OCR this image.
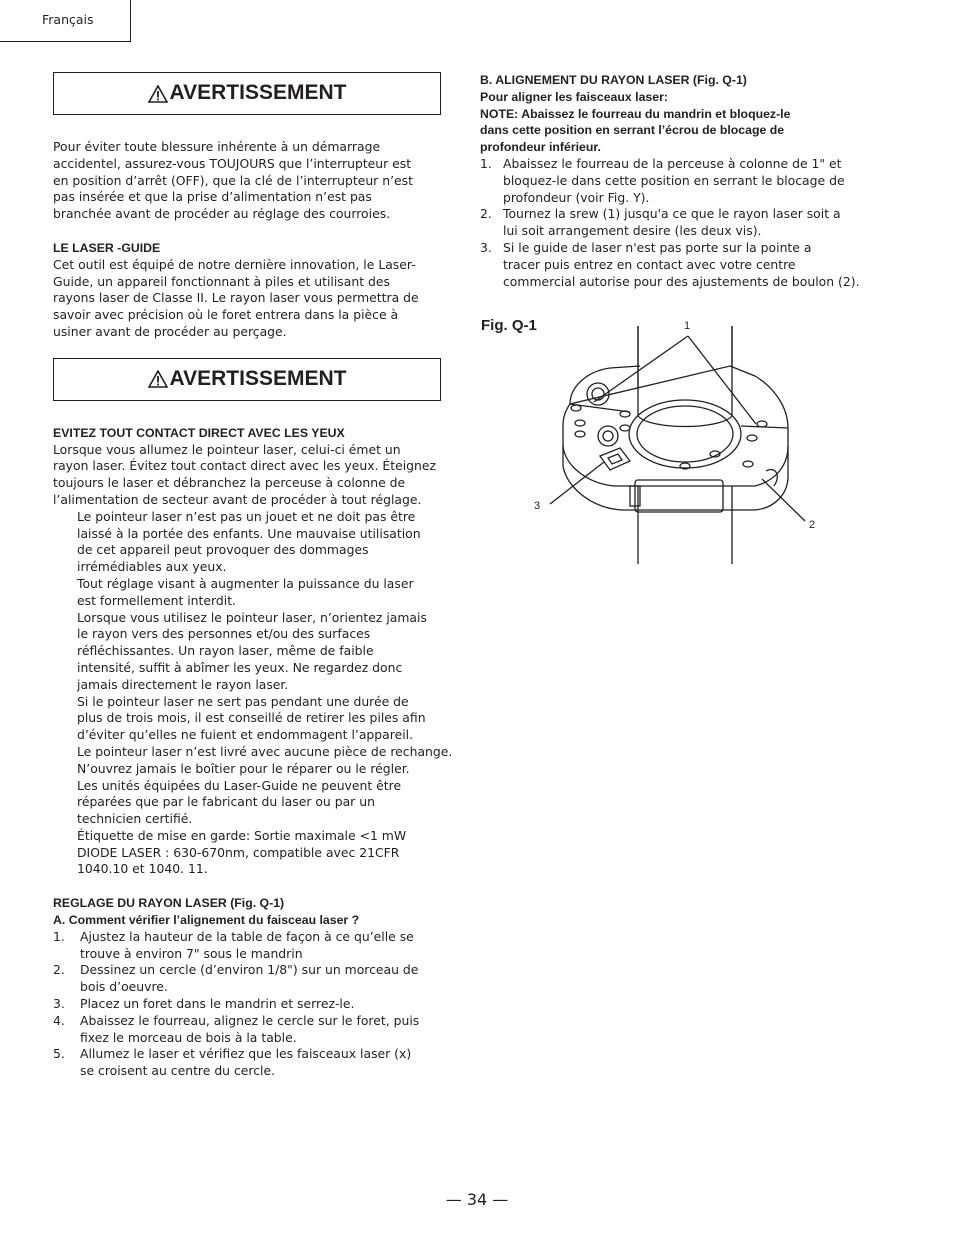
Français
AVERTISSEMENT

Pour éviter toute blessure inhérente à un démarrage

accidentel, assurez-vous TOUJOURS que l’interrupteur est

en position d’arrêt (OFF), que la clé de l’interrupteur n’est

pas insérée et que la prise d’alimentation n’est pas

branchée avant de procéder au réglage des courroies.

LE LASER -GUIDE

Cet outil est équipé de notre dernière innovation, le Laser-

Guide, un appareil fonctionnant à piles et utilisant des

rayons laser de Classe II. Le rayon laser vous permettra de

savoir avec précision où le foret entrera dans la pièce à

usiner avant de procéder au perçage.

AVERTISSEMENT

EVITEZ TOUT CONTACT DIRECT AVEC LES YEUX

Lorsque vous allumez le pointeur laser, celui-ci émet un

rayon laser. Évitez tout contact direct avec les yeux. Éteignez

toujours le laser et débranchez la perceuse à colonne de

l’alimentation de secteur avant de procéder à tout réglage.

Le pointeur laser n’est pas un jouet et ne doit pas être

laissé à la portée des enfants. Une mauvaise utilisation

de cet appareil peut provoquer des dommages

irrémédiables aux yeux.

Tout réglage visant à augmenter la puissance du laser

est formellement interdit.

Lorsque vous utilisez le pointeur laser, n’orientez jamais

le rayon vers des personnes et/ou des surfaces

réfléchissantes. Un rayon laser, même de faible

intensité, suffit à abîmer les yeux. Ne regardez donc

jamais directement le rayon laser.

Si le pointeur laser ne sert pas pendant une durée de

plus de trois mois, il est conseillé de retirer les piles afin

d’éviter qu’elles ne fuient et endommagent l’appareil.

Le pointeur laser n’est livré avec aucune pièce de rechange.

N’ouvrez jamais le boîtier pour le réparer ou le régler.

Les unités équipées du Laser-Guide ne peuvent être

réparées que par le fabricant du laser ou par un

technicien certifié.

Étiquette de mise en garde: Sortie maximale <1 mW

DIODE LASER : 630-670nm, compatible avec 21CFR

1040.10 et 1040. 11.

REGLAGE DU RAYON LASER (Fig. Q-1)

A. Comment vérifier l’alignement du faisceau laser ?

1. Ajustez la hauteur de la table de façon à ce qu’elle se

trouve à environ 7" sous le mandrin

2. Dessinez un cercle (d’environ 1/8") sur un morceau de

bois d’oeuvre.

3. Placez un foret dans le mandrin et serrez-le.

4. Abaissez le fourreau, alignez le cercle sur le foret, puis

fixez le morceau de bois à la table.

5. Allumez le laser et vérifiez que les faisceaux laser (x)

se croisent au centre du cercle.

B. ALIGNEMENT DU RAYON LASER (Fig. Q-1)

Pour aligner les faisceaux laser:

NOTE: Abaissez le fourreau du mandrin et bloquez-le

dans cette position en serrant l’écrou de blocage de

profondeur inférieur.

1. Abaissez le fourreau de la perceuse à colonne de 1" et

bloquez-le dans cette position en serrant le blocage de

profondeur (voir Fig. Y).

2. Tournez la srew (1) jusqu'a ce que le rayon laser soit a

lui soit arrangement desire (les deux vis).

3. Si le guide de laser n'est pas porte sur la pointe a

tracer puis entrez en contact avec votre centre

commercial autorise pour des ajustements de boulon (2).

Fig. Q-1	1
2
3
— 34 —
